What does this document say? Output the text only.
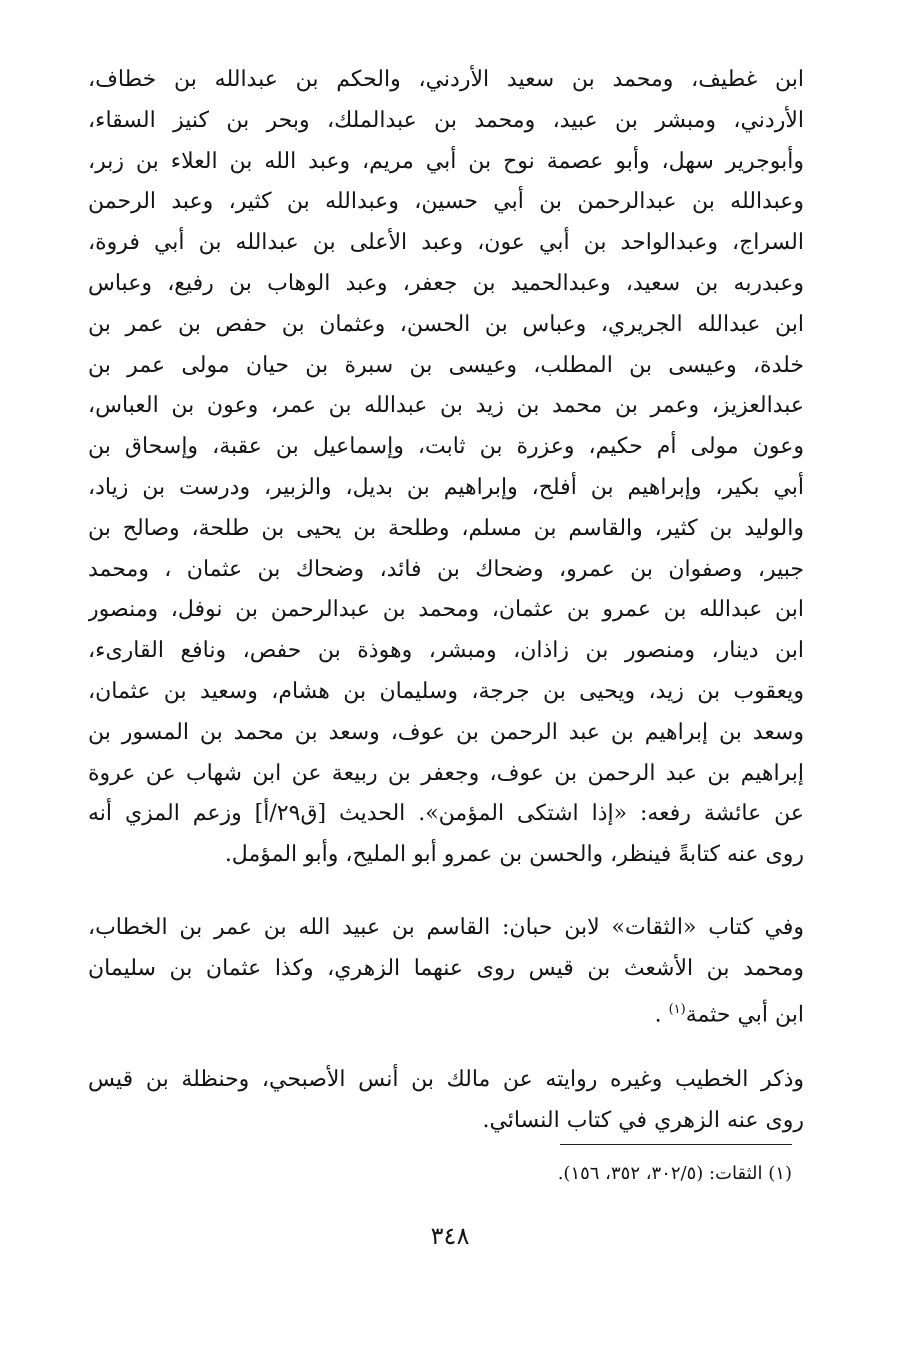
ابن غطيف، ومحمد بن سعيد الأردني، والحكم بن عبدالله بن خطاف،
الأردني، ومبشر بن عبيد، ومحمد بن عبدالملك، وبحر بن كنيز السقاء،
وأبوجرير سهل، وأبو عصمة نوح بن أبي مريم، وعبد الله بن العلاء بن زبر،
وعبدالله بن عبدالرحمن بن أبي حسين، وعبدالله بن كثير، وعبد الرحمن
السراج، وعبدالواحد بن أبي عون، وعبد الأعلى بن عبدالله بن أبي فروة،
وعبدربه بن سعيد، وعبدالحميد بن جعفر، وعبد الوهاب بن رفيع، وعباس
ابن عبدالله الجريري، وعباس بن الحسن، وعثمان بن حفص بن عمر بن
خلدة، وعيسى بن المطلب، وعيسى بن سبرة بن حيان مولى عمر بن
عبدالعزيز، وعمر بن محمد بن زيد بن عبدالله بن عمر، وعون بن العباس،
وعون مولى أم حكيم، وعزرة بن ثابت، وإسماعيل بن عقبة، وإسحاق بن
أبي بكير، وإبراهيم بن أفلح، وإبراهيم بن بديل، والزبير، ودرست بن زياد،
والوليد بن كثير، والقاسم بن مسلم، وطلحة بن يحيى بن طلحة، وصالح بن
جبير، وصفوان بن عمرو، وضحاك بن فائد، وضحاك بن عثمان ، ومحمد
ابن عبدالله بن عمرو بن عثمان، ومحمد بن عبدالرحمن بن نوفل، ومنصور
ابن دينار، ومنصور بن زاذان، ومبشر، وهوذة بن حفص، ونافع القارىء،
ويعقوب بن زيد، ويحيى بن جرجة، وسليمان بن هشام، وسعيد بن عثمان،
وسعد بن إبراهيم بن عبد الرحمن بن عوف، وسعد بن محمد بن المسور بن
إبراهيم بن عبد الرحمن بن عوف، وجعفر بن ربيعة عن ابن شهاب عن عروة
عن عائشة رفعه: «إذا اشتكى المؤمن». الحديث [ق٢٩/أ] وزعم المزي أنه
روى عنه كتابةً فينظر، والحسن بن عمرو أبو المليح، وأبو المؤمل.
وفي كتاب «الثقات» لابن حبان: القاسم بن عبيد الله بن عمر بن الخطاب،
ومحمد بن الأشعث بن قيس روى عنهما الزهري، وكذا عثمان بن سليمان
ابن أبي حثمة$^{(١)}$ .
وذكر الخطيب وغيره روايته عن مالك بن أنس الأصبحي، وحنظلة بن قيس
روى عنه الزهري في كتاب النسائي.
(١) الثقات: (٣٠٢/٥، ٣٥٢، ١٥٦).
٣٤٨
